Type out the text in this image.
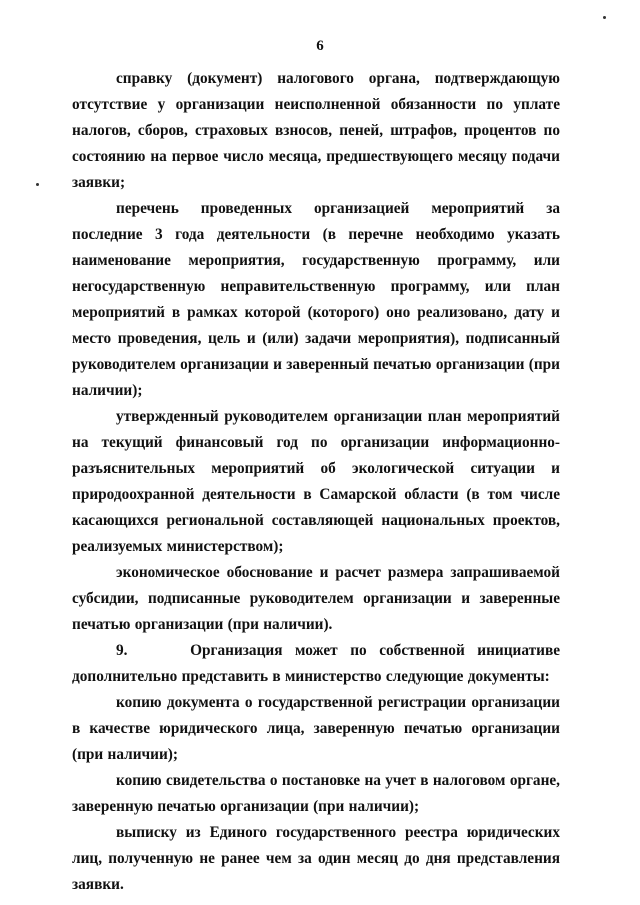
6

справку (документ) налогового органа, подтверждающую отсутствие у организации неисполненной обязанности по уплате налогов, сборов, страховых взносов, пеней, штрафов, процентов по состоянию на первое число месяца, предшествующего месяцу подачи заявки;

перечень проведенных организацией мероприятий за последние 3 года деятельности (в перечне необходимо указать наименование мероприятия, государственную программу, или негосударственную неправительственную программу, или план мероприятий в рамках которой (которого) оно реализовано, дату и место проведения, цель и (или) задачи мероприятия), подписанный руководителем организации и заверенный печатью организации (при наличии);

утвержденный руководителем организации план мероприятий на текущий финансовый год по организации информационно-разъяснительных мероприятий об экологической ситуации и природоохранной деятельности в Самарской области (в том числе касающихся региональной составляющей национальных проектов, реализуемых министерством);

экономическое обоснование и расчет размера запрашиваемой субсидии, подписанные руководителем организации и заверенные печатью организации (при наличии).

9.     Организация может по собственной инициативе дополнительно представить в министерство следующие документы:

копию документа о государственной регистрации организации в качестве юридического лица, заверенную печатью организации (при наличии);

копию свидетельства о постановке на учет в налоговом органе, заверенную печатью организации (при наличии);

выписку из Единого государственного реестра юридических лиц, полученную не ранее чем за один месяц до дня представления заявки.
